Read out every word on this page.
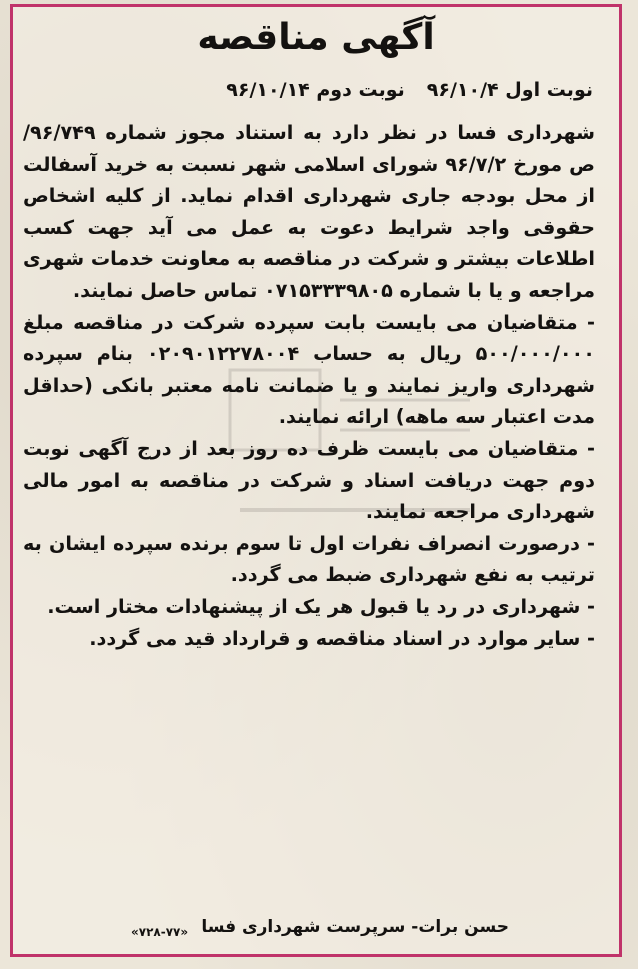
آگهی مناقصه
نوبت اول ۹۶/۱۰/۴نوبت دوم ۹۶/۱۰/۱۴

شهرداری فسا در نظر دارد به استناد مجوز شماره ۹۶/۷۴۹/ ص مورخ ۹۶/۷/۲ شورای اسلامی شهر نسبت به خرید آسفالت از محل بودجه جاری شهرداری اقدام نماید. از کلیه اشخاص حقوقی واجد شرایط دعوت به عمل می آید جهت کسب اطلاعات بیشتر و شرکت در مناقصه به معاونت خدمات شهری مراجعه و یا با شماره ۰۷۱۵۳۳۳۹۸۰۵ تماس حاصل نمایند.

- متقاضیان می بایست بابت سپرده شرکت در مناقصه مبلغ ۵۰۰/۰۰۰/۰۰۰ ریال به حساب ۰۲۰۹۰۱۲۲۷۸۰۰۴ بنام سپرده شهرداری واریز نمایند و یا ضمانت نامه معتبر بانکی (حداقل مدت اعتبار سه ماهه) ارائه نمایند.

- متقاضیان می بایست ظرف ده روز بعد از درج آگهی نوبت دوم جهت دریافت اسناد و شرکت در مناقصه به امور مالی شهرداری مراجعه نمایند.

- درصورت انصراف نفرات اول تا سوم برنده سپرده ایشان به ترتیب به نفع شهرداری ضبط می گردد.

- شهرداری در رد یا قبول هر یک از پیشنهادات مختار است.

- سایر موارد در اسناد مناقصه و قرارداد قید می گردد.

حسن برات- سرپرست شهرداری فسا
«۷۲۸-۷۷»
